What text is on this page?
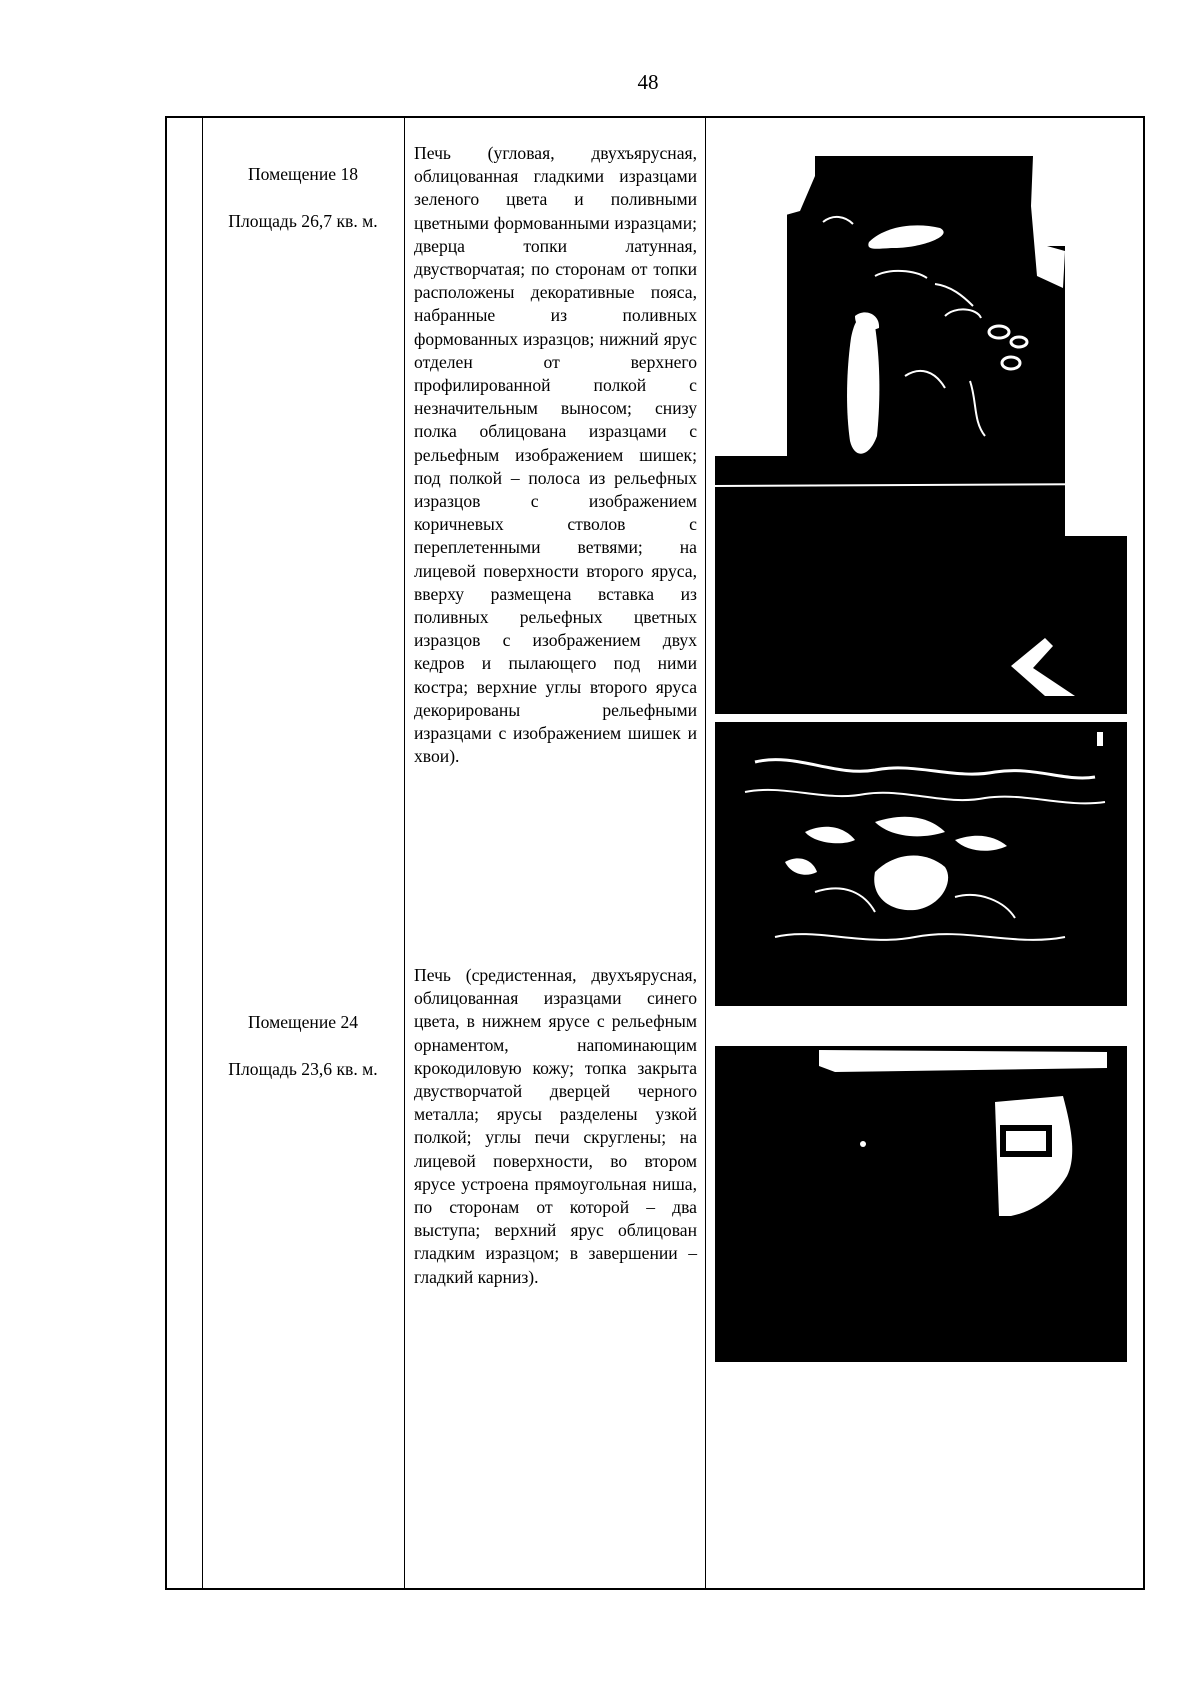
48

Помещение 18

Площадь 26,7 кв. м.

Печь (угловая, двухъярусная, облицованная гладкими изразцами зеленого цвета и поливными цветными формованными изразцами; дверца топки латунная, двустворчатая; по сторонам от топки расположены декоративные пояса, набранные из поливных формованных изразцов; нижний ярус отделен от верхнего профилированной полкой с незначительным выносом; снизу полка облицована изразцами с рельефным изображением шишек; под полкой – полоса из рельефных изразцов с изображением коричневых стволов с переплетенными ветвями; на лицевой поверхности второго яруса, вверху размещена вставка из поливных рельефных цветных изразцов с изображением двух кедров и пылающего под ними костра; верхние углы второго яруса декорированы рельефными изразцами с изображением шишек и хвои).

Помещение 24

Площадь 23,6 кв. м.

Печь (средистенная, двухъярусная, облицованная изразцами синего цвета, в нижнем ярусе с рельефным орнаментом, напоминающим крокодиловую кожу; топка закрыта двустворчатой дверцей черного металла; ярусы разделены узкой полкой; углы печи скруглены; на лицевой поверхности, во втором ярусе устроена прямоугольная ниша, по сторонам от которой – два выступа; верхний ярус облицован гладким изразцом; в завершении – гладкий карниз).
